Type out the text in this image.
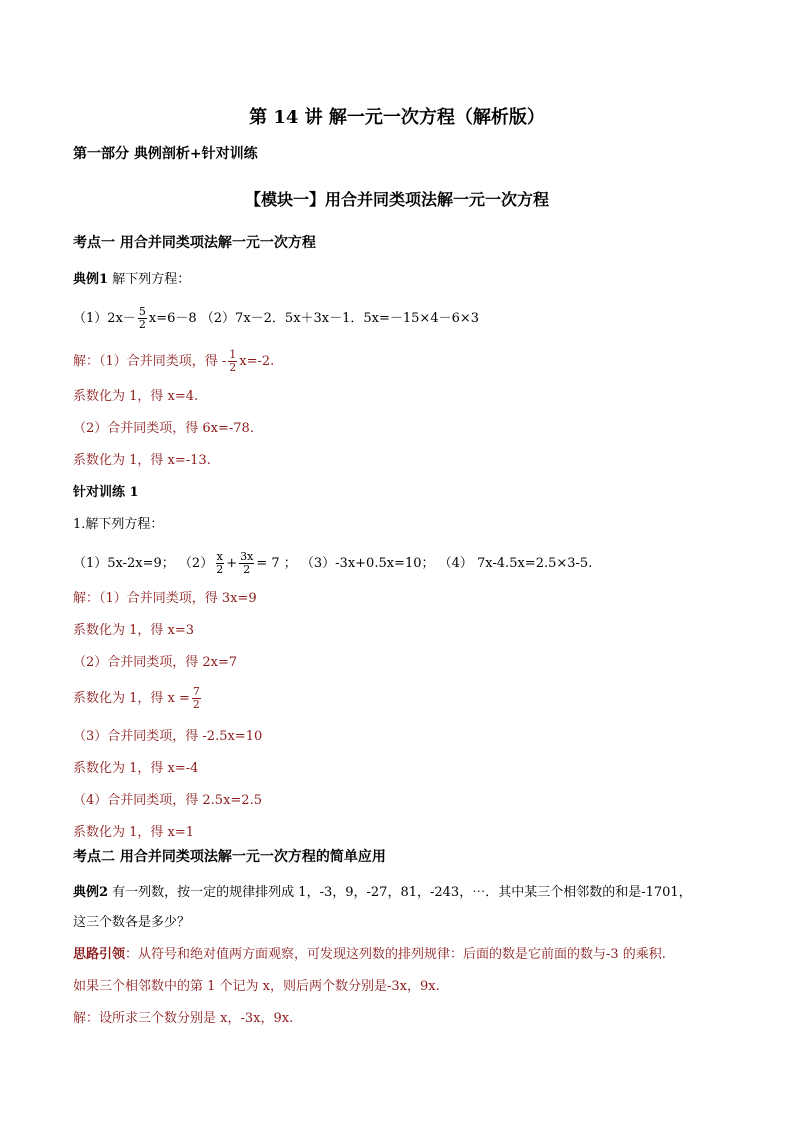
第 14 讲 解一元一次方程（解析版）
第一部分 典例剖析+针对训练
【模块一】用合并同类项法解一元一次方程
考点一 用合并同类项法解一元一次方程
典例1 解下列方程：
$(1)2x- \frac{5}{2} x=6-8$ （2）7x－2．5x＋3x－1．5x=－15×4－6×3
解：（1）合并同类项，得 - $\frac{1}{2} x=-2$.
系数化为 1，得 x=4.
（2）合并同类项，得 6x=-78.
系数化为 1，得 x=-13.
针对训练 1
1.解下列方程：
（1）5x-2x=9； $(2) \frac{x}{2} + \frac{3x}{2} = 7$ ； （3）-3x+0.5x=10； （4） 7x-4.5x=2.5×3-5.
解：（1）合并同类项，得 3x=9
系数化为 1，得 x=3
（2）合并同类项，得 2x=7
系数化为 1，得 $x = \frac{7}{2}$
（3）合并同类项，得 -2.5x=10
系数化为 1，得 x=-4
（4）合并同类项，得 2.5x=2.5
系数化为 1，得 x=1
考点二 用合并同类项法解一元一次方程的简单应用
典例2 有一列数，按一定的规律排列成 1，-3，9，-27，81，-243，⋯．其中某三个相邻数的和是-1701，
这三个数各是多少？
思路引领：从符号和绝对值两方面观察，可发现这列数的排列规律：后面的数是它前面的数与-3 的乘积.
如果三个相邻数中的第 1 个记为 x，则后两个数分别是-3x，9x.
解：设所求三个数分别是 x，-3x，9x.
